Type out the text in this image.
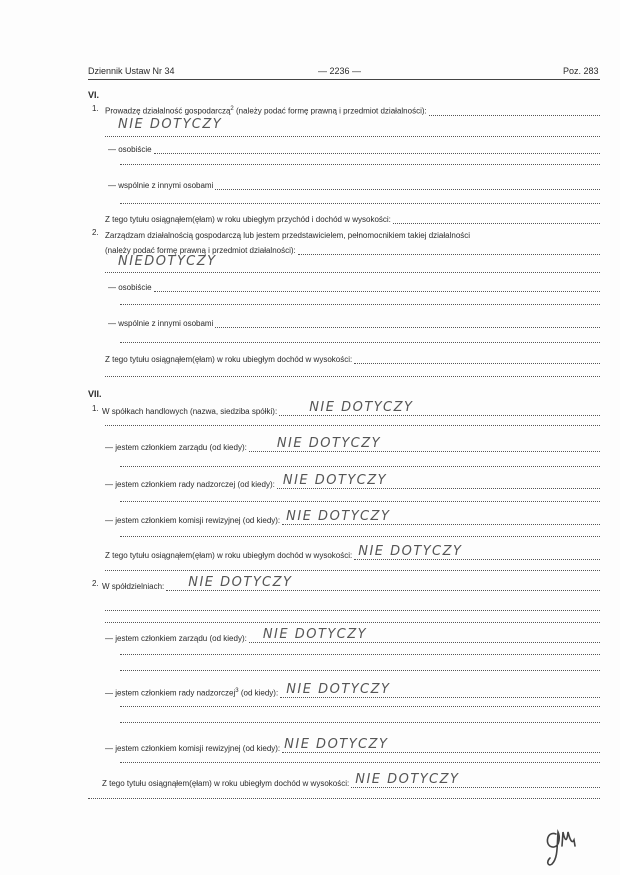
Dziennik Ustaw Nr 34	— 2236 —	Poz. 283
VI.
1. Prowadzę działalność gospodarczą$^2$ (należy podać formę prawną i przedmiot działalności):
NIE DOTYCZY
— osobiście
— wspólnie z innymi osobami
Z tego tytułu osiągnąłem(ęłam) w roku ubiegłym przychód i dochód w wysokości:
2. Zarządzam działalnością gospodarczą lub jestem przedstawicielem, pełnomocnikiem takiej działalności
(należy podać formę prawną i przedmiot działalności):
NIEDOTYCZY
— osobiście
— wspólnie z innymi osobami
Z tego tytułu osiągnąłem(ęłam) w roku ubiegłym dochód w wysokości:
VII.
1. W spółkach handlowych (nazwa, siedziba spółki): NIE DOTYCZY
— jestem członkiem zarządu (od kiedy): NIE DOTYCZY
— jestem członkiem rady nadzorczej (od kiedy): NIE DOTYCZY
— jestem członkiem komisji rewizyjnej (od kiedy): NIE DOTYCZY
Z tego tytułu osiągnąłem(ęłam) w roku ubiegłym dochód w wysokości: NIE DOTYCZY
2. W spółdzielniach: NIE DOTYCZY
— jestem członkiem zarządu (od kiedy): NIE DOTYCZY
— jestem członkiem rady nadzorczej$^3$ (od kiedy): NIE DOTYCZY
— jestem członkiem komisji rewizyjnej (od kiedy): NIE DOTYCZY
Z tego tytułu osiągnąłem(ęłam) w roku ubiegłym dochód w wysokości: NIE DOTYCZY
